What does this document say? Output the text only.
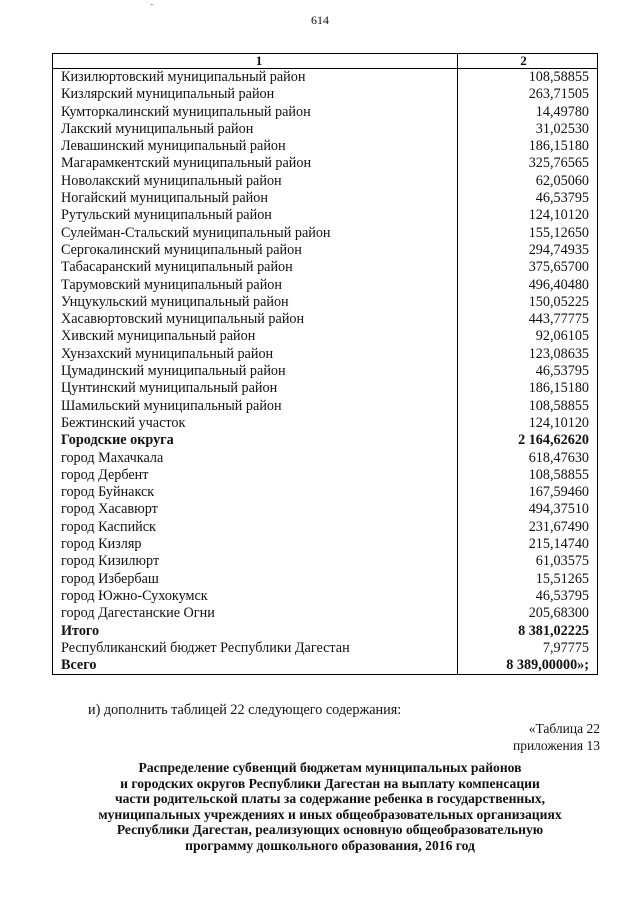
˜
614
1	2
Кизилюртовский муниципальный район	108,58855
Кизлярский муниципальный район	263,71505
Кумторкалинский муниципальный район	14,49780
Лакский муниципальный район	31,02530
Левашинский муниципальный район	186,15180
Магарамкентский муниципальный район	325,76565
Новолакский муниципальный район	62,05060
Ногайский муниципальный район	46,53795
Рутульский муниципальный район	124,10120
Сулейман-Стальский муниципальный район	155,12650
Сергокалинский муниципальный район	294,74935
Табасаранский муниципальный район	375,65700
Тарумовский муниципальный район	496,40480
Унцукульский муниципальный район	150,05225
Хасавюртовский муниципальный район	443,77775
Хивский муниципальный район	92,06105
Хунзахский муниципальный район	123,08635
Цумадинский муниципальный район	46,53795
Цунтинский муниципальный район	186,15180
Шамильский муниципальный район	108,58855
Бежтинский участок	124,10120
Городские округа	2 164,62620
город Махачкала	618,47630
город Дербент	108,58855
город Буйнакск	167,59460
город Хасавюрт	494,37510
город Каспийск	231,67490
город Кизляр	215,14740
город Кизилюрт	61,03575
город Избербаш	15,51265
город Южно-Сухокумск	46,53795
город Дагестанские Огни	205,68300
Итого	8 381,02225
Республиканский бюджет Республики Дагестан	7,97775
Всего	8 389,00000»;
и) дополнить таблицей 22 следующего содержания:
«Таблица 22
приложения 13
Распределение субвенций бюджетам муниципальных районов
и городских округов Республики Дагестан на выплату компенсации
части родительской платы за содержание ребенка в государственных,
муниципальных учреждениях и иных общеобразовательных организациях
Республики Дагестан, реализующих основную общеобразовательную
программу дошкольного образования, 2016 год
